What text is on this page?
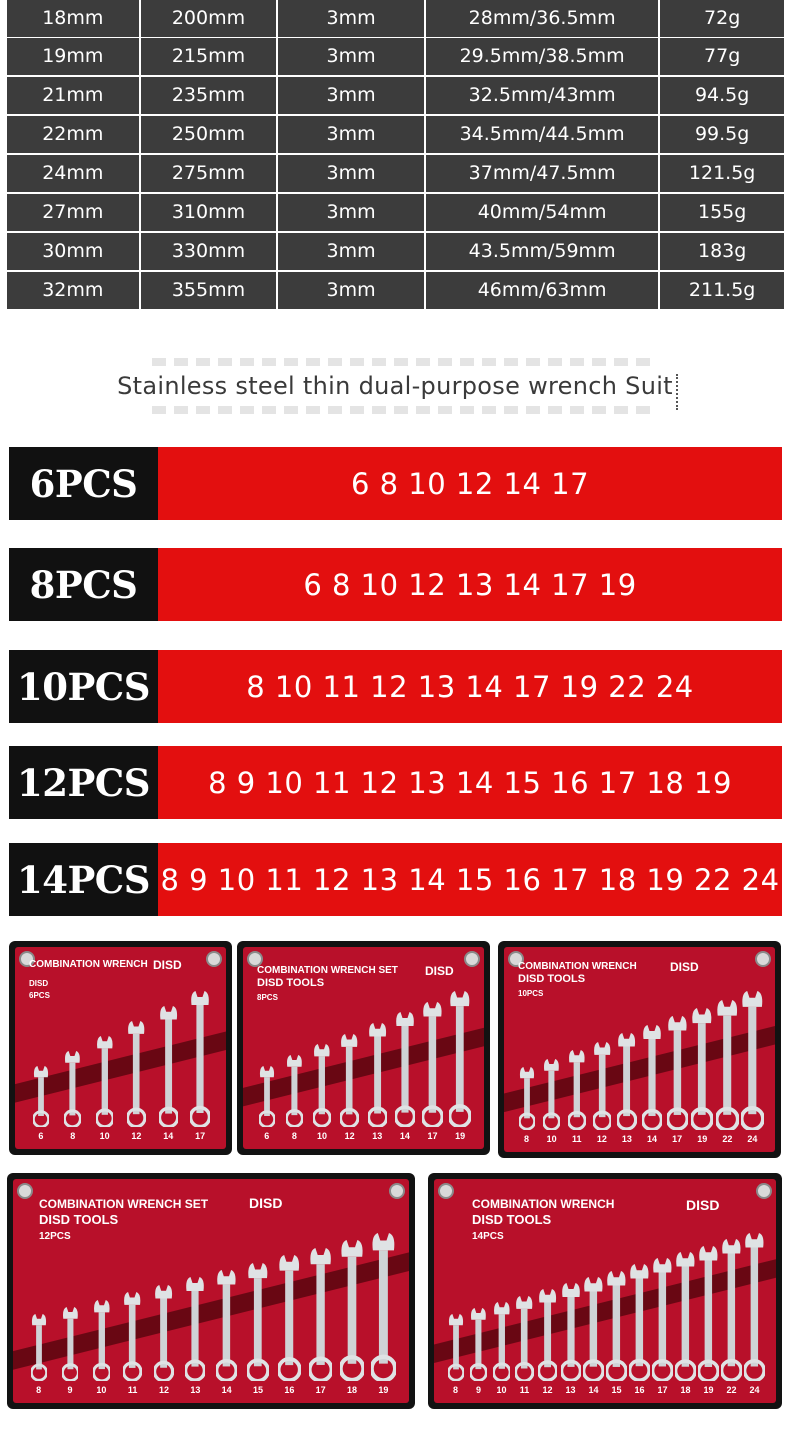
18mm	200mm	3mm	28mm/36.5mm	72g
19mm	215mm	3mm	29.5mm/38.5mm	77g
21mm	235mm	3mm	32.5mm/43mm	94.5g
22mm	250mm	3mm	34.5mm/44.5mm	99.5g
24mm	275mm	3mm	37mm/47.5mm	121.5g
27mm	310mm	3mm	40mm/54mm	155g
30mm	330mm	3mm	43.5mm/59mm	183g
32mm	355mm	3mm	46mm/63mm	211.5g
Stainless steel thin dual-purpose wrench Suit
6PCS	6 8 10 12 14 17
8PCS	6 8 10 12 13 14 17 19
10PCS	8 10 11 12 13 14 17 19 22 24
12PCS	8 9 10 11 12 13 14 15 16 17 18 19
14PCS 8 9 10 11 12 13 14 15 16 17 18 19 22 24
COMBINATION WRENCH
DISD
6PCS
DISD
6	8	10	12	14	17
COMBINATION WRENCH SET
DISD TOOLS
8PCS
DISD
6	8	10	12	13	14	17	19
COMBINATION WRENCH
DISD TOOLS
10PCS
DISD
8	10	11	12	13	14	17	19	22	24
COMBINATION WRENCH SET
DISD TOOLS
12PCS
DISD
8	9	10	11	12	13	14	15	16	17	18	19
COMBINATION WRENCH
DISD TOOLS
14PCS
DISD
8	9	10	11	12	13	14	15	16	17	18	19	22	24
